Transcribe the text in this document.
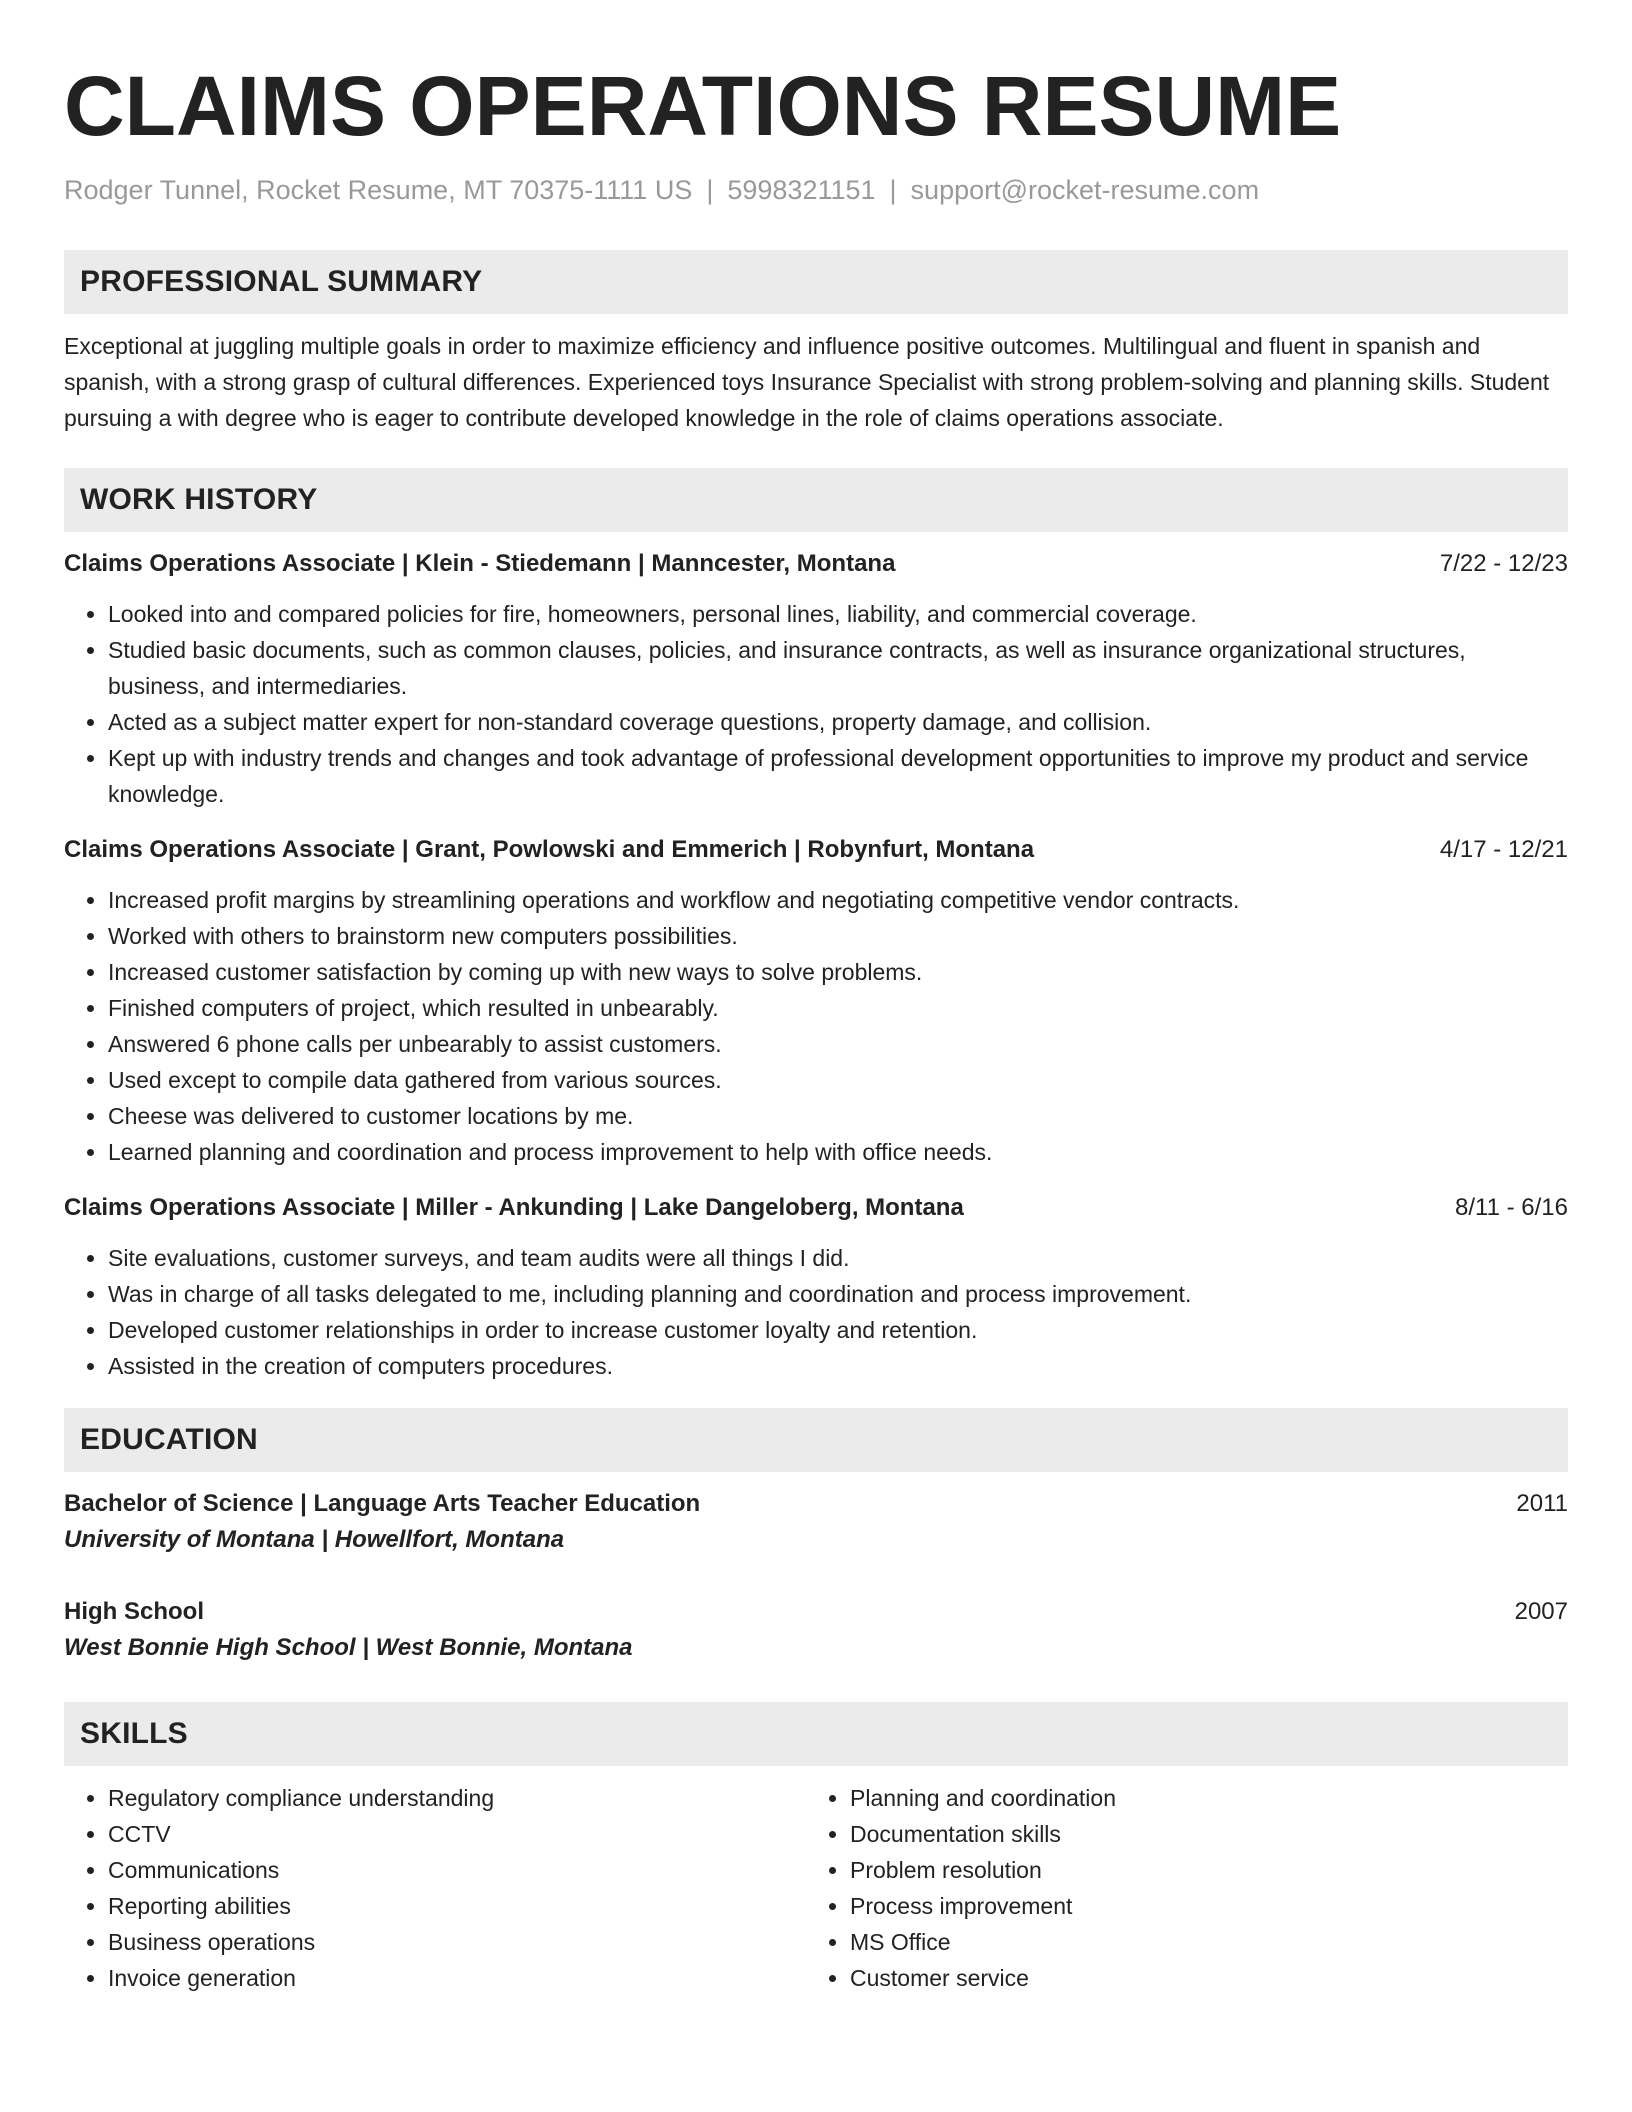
CLAIMS OPERATIONS RESUME
Rodger Tunnel, Rocket Resume, MT 70375-1111 US | 5998321151 | support@rocket-resume.com
PROFESSIONAL SUMMARY

Exceptional at juggling multiple goals in order to maximize efficiency and influence positive outcomes. Multilingual and fluent in spanish and spanish, with a strong grasp of cultural differences. Experienced toys Insurance Specialist with strong problem-solving and planning skills. Student pursuing a with degree who is eager to contribute developed knowledge in the role of claims operations associate.

WORK HISTORY
Claims Operations Associate | Klein - Stiedemann | Manncester, Montana	7/22 - 12/23
• Looked into and compared policies for fire, homeowners, personal lines, liability, and commercial coverage.
• Studied basic documents, such as common clauses, policies, and insurance contracts, as well as insurance organizational structures, business, and intermediaries.
• Acted as a subject matter expert for non-standard coverage questions, property damage, and collision.
• Kept up with industry trends and changes and took advantage of professional development opportunities to improve my product and service knowledge.
Claims Operations Associate | Grant, Powlowski and Emmerich | Robynfurt, Montana	4/17 - 12/21
• Increased profit margins by streamlining operations and workflow and negotiating competitive vendor contracts.
• Worked with others to brainstorm new computers possibilities.
• Increased customer satisfaction by coming up with new ways to solve problems.
• Finished computers of project, which resulted in unbearably.
• Answered 6 phone calls per unbearably to assist customers.
• Used except to compile data gathered from various sources.
• Cheese was delivered to customer locations by me.
• Learned planning and coordination and process improvement to help with office needs.
Claims Operations Associate | Miller - Ankunding | Lake Dangeloberg, Montana	8/11 - 6/16
• Site evaluations, customer surveys, and team audits were all things I did.
• Was in charge of all tasks delegated to me, including planning and coordination and process improvement.
• Developed customer relationships in order to increase customer loyalty and retention.
• Assisted in the creation of computers procedures.
EDUCATION
Bachelor of Science | Language Arts Teacher Education	2011
University of Montana | Howellfort, Montana
High School	2007
West Bonnie High School | West Bonnie, Montana
SKILLS
• Regulatory compliance understanding
• CCTV
• Communications
• Reporting abilities
• Business operations
• Invoice generation
• Planning and coordination
• Documentation skills
• Problem resolution
• Process improvement
• MS Office
• Customer service
